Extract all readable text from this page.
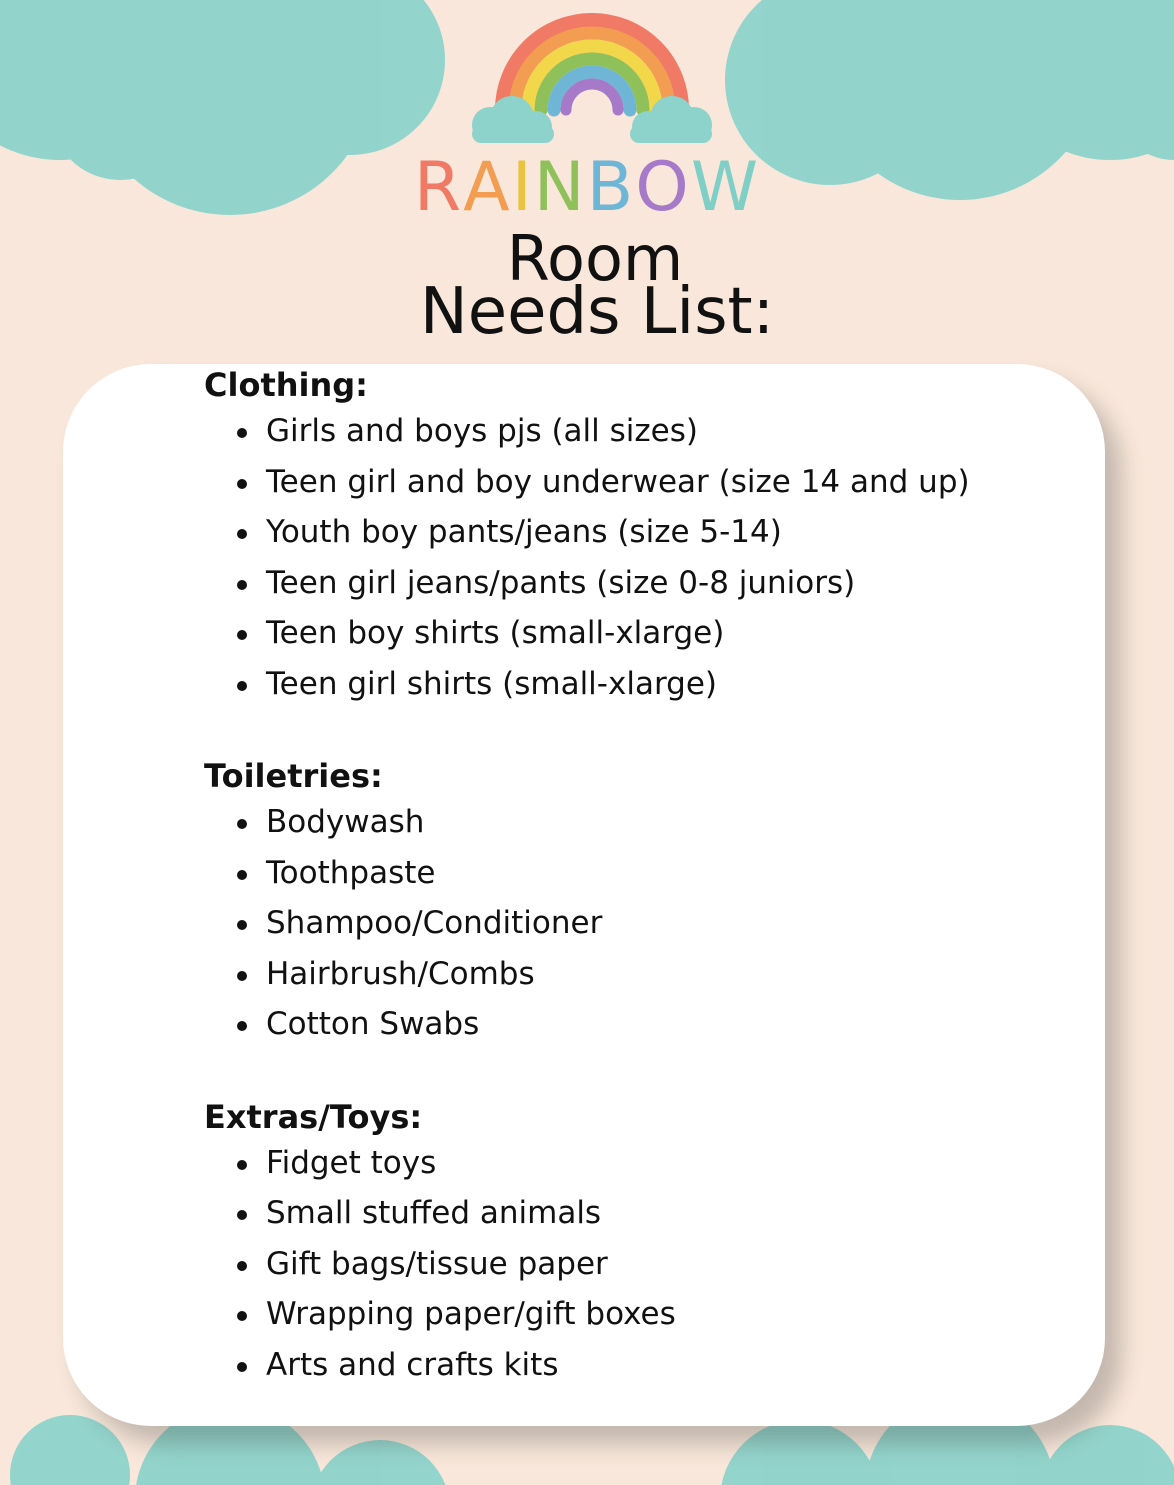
RAINBOW
Room
Needs List:
Clothing:
Girls and boys pjs (all sizes)
Teen girl and boy underwear (size 14 and up)
Youth boy pants/jeans (size 5-14)
Teen girl jeans/pants (size 0-8 juniors)
Teen boy shirts (small-xlarge)
Teen girl shirts (small-xlarge)
Toiletries:
Bodywash
Toothpaste
Shampoo/Conditioner
Hairbrush/Combs
Cotton Swabs
Extras/Toys:
Fidget toys
Small stuffed animals
Gift bags/tissue paper
Wrapping paper/gift boxes
Arts and crafts kits
